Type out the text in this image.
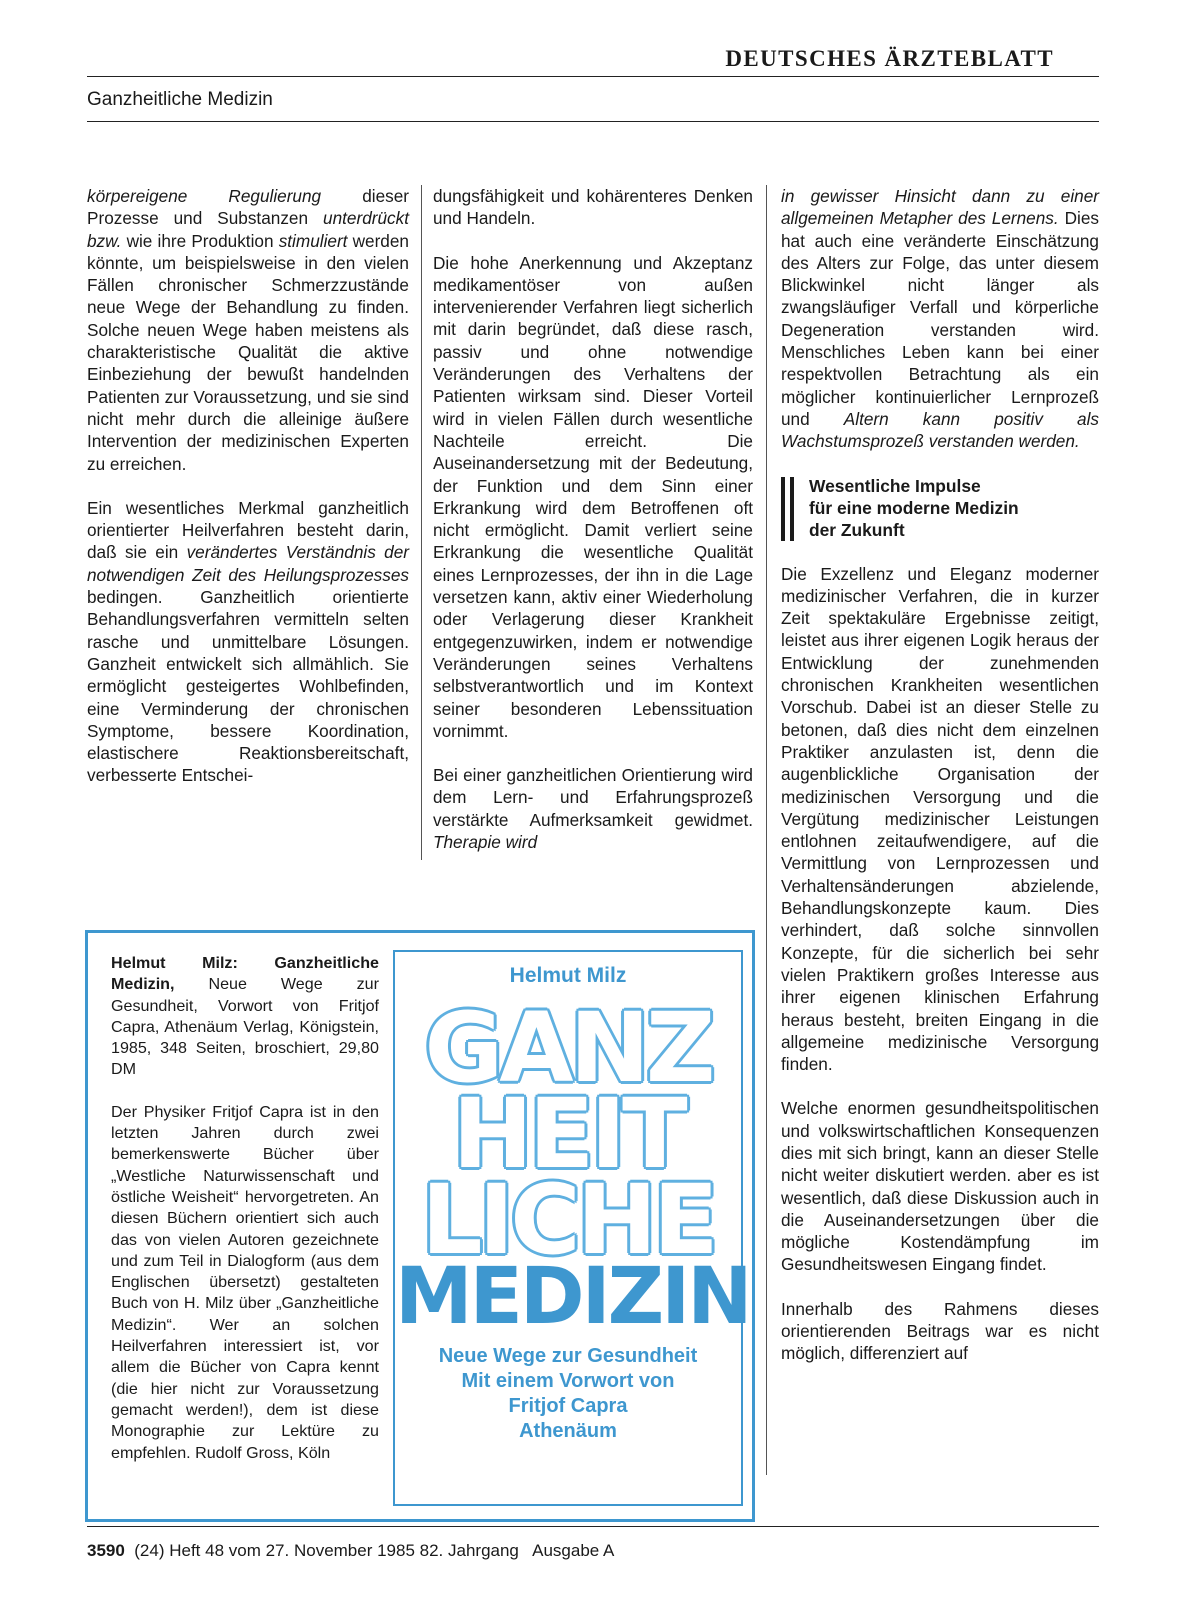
DEUTSCHES ÄRZTEBLATT
Ganzheitliche Medizin

körpereigene Regulierung dieser Prozesse und Substanzen unterdrückt bzw. wie ihre Produktion stimuliert werden könnte, um beispielsweise in den vielen Fällen chronischer Schmerzzustände neue Wege der Behandlung zu finden. Solche neuen Wege haben meistens als charakteristische Qualität die aktive Einbeziehung der bewußt handelnden Patienten zur Voraussetzung, und sie sind nicht mehr durch die alleinige äußere Intervention der medizinischen Experten zu erreichen.

Ein wesentliches Merkmal ganzheitlich orientierter Heilverfahren besteht darin, daß sie ein verändertes Verständnis der notwendigen Zeit des Heilungsprozesses bedingen. Ganzheitlich orientierte Behandlungsverfahren vermitteln selten rasche und unmittelbare Lösungen. Ganzheit entwickelt sich allmählich. Sie ermöglicht gesteigertes Wohlbefinden, eine Verminderung der chronischen Symptome, bessere Koordination, elastischere Reaktionsbereitschaft, verbesserte Entschei-

dungsfähigkeit und kohärenteres Denken und Handeln.

Die hohe Anerkennung und Akzeptanz medikamentöser von außen intervenierender Verfahren liegt sicherlich mit darin begründet, daß diese rasch, passiv und ohne notwendige Veränderungen des Verhaltens der Patienten wirksam sind. Dieser Vorteil wird in vielen Fällen durch wesentliche Nachteile erreicht. Die Auseinandersetzung mit der Bedeutung, der Funktion und dem Sinn einer Erkrankung wird dem Betroffenen oft nicht ermöglicht. Damit verliert seine Erkrankung die wesentliche Qualität eines Lernprozesses, der ihn in die Lage versetzen kann, aktiv einer Wiederholung oder Verlagerung dieser Krankheit entgegenzuwirken, indem er notwendige Veränderungen seines Verhaltens selbstverantwortlich und im Kontext seiner besonderen Lebenssituation vornimmt.

Bei einer ganzheitlichen Orientierung wird dem Lern- und Erfahrungsprozeß verstärkte Aufmerksamkeit gewidmet. Therapie wird

in gewisser Hinsicht dann zu einer allgemeinen Metapher des Lernens. Dies hat auch eine veränderte Einschätzung des Alters zur Folge, das unter diesem Blickwinkel nicht länger als zwangsläufiger Verfall und körperliche Degeneration verstanden wird. Menschliches Leben kann bei einer respektvollen Betrachtung als ein möglicher kontinuierlicher Lernprozeß und Altern kann positiv als Wachstumsprozeß verstanden werden.

Wesentliche Impulse
für eine moderne Medizin
der Zukunft

Die Exzellenz und Eleganz moderner medizinischer Verfahren, die in kurzer Zeit spektakuläre Ergebnisse zeitigt, leistet aus ihrer eigenen Logik heraus der Entwicklung der zunehmenden chronischen Krankheiten wesentlichen Vorschub. Dabei ist an dieser Stelle zu betonen, daß dies nicht dem einzelnen Praktiker anzulasten ist, denn die augenblickliche Organisation der medizinischen Versorgung und die Vergütung medizinischer Leistungen entlohnen zeitaufwendigere, auf die Vermittlung von Lernprozessen und Verhaltensänderungen abzielende, Behandlungskonzepte kaum. Dies verhindert, daß solche sinnvollen Konzepte, für die sicherlich bei sehr vielen Praktikern großes Interesse aus ihrer eigenen klinischen Erfahrung heraus besteht, breiten Eingang in die allgemeine medizinische Versorgung finden.

Welche enormen gesundheitspolitischen und volkswirtschaftlichen Konsequenzen dies mit sich bringt, kann an dieser Stelle nicht weiter diskutiert werden. aber es ist wesentlich, daß diese Diskussion auch in die Auseinandersetzungen über die mögliche Kostendämpfung im Gesundheitswesen Eingang findet.

Innerhalb des Rahmens dieses orientierenden Beitrags war es nicht möglich, differenziert auf

Helmut Milz: Ganzheitliche Medizin, Neue Wege zur Gesundheit, Vorwort von Fritjof Capra, Athenäum Verlag, Königstein, 1985, 348 Seiten, broschiert, 29,80 DM

Der Physiker Fritjof Capra ist in den letzten Jahren durch zwei bemerkenswerte Bücher über „Westliche Naturwissenschaft und östliche Weisheit“ hervorgetreten. An diesen Büchern orientiert sich auch das von vielen Autoren gezeichnete und zum Teil in Dialogform (aus dem Englischen übersetzt) gestalteten Buch von H. Milz über „Ganzheitliche Medizin“. Wer an solchen Heilverfahren interessiert ist, vor allem die Bücher von Capra kennt (die hier nicht zur Voraussetzung gemacht werden!), dem ist diese Monographie zur Lektüre zu empfehlen. Rudolf Gross, Köln

Helmut Milz
GANZ
HEIT
LICHE
MEDIZIN
Neue Wege zur Gesundheit
Mit einem Vorwort von
Fritjof Capra
Athenäum
3590  (24) Heft 48 vom 27. November 1985 82. Jahrgang   Ausgabe A
